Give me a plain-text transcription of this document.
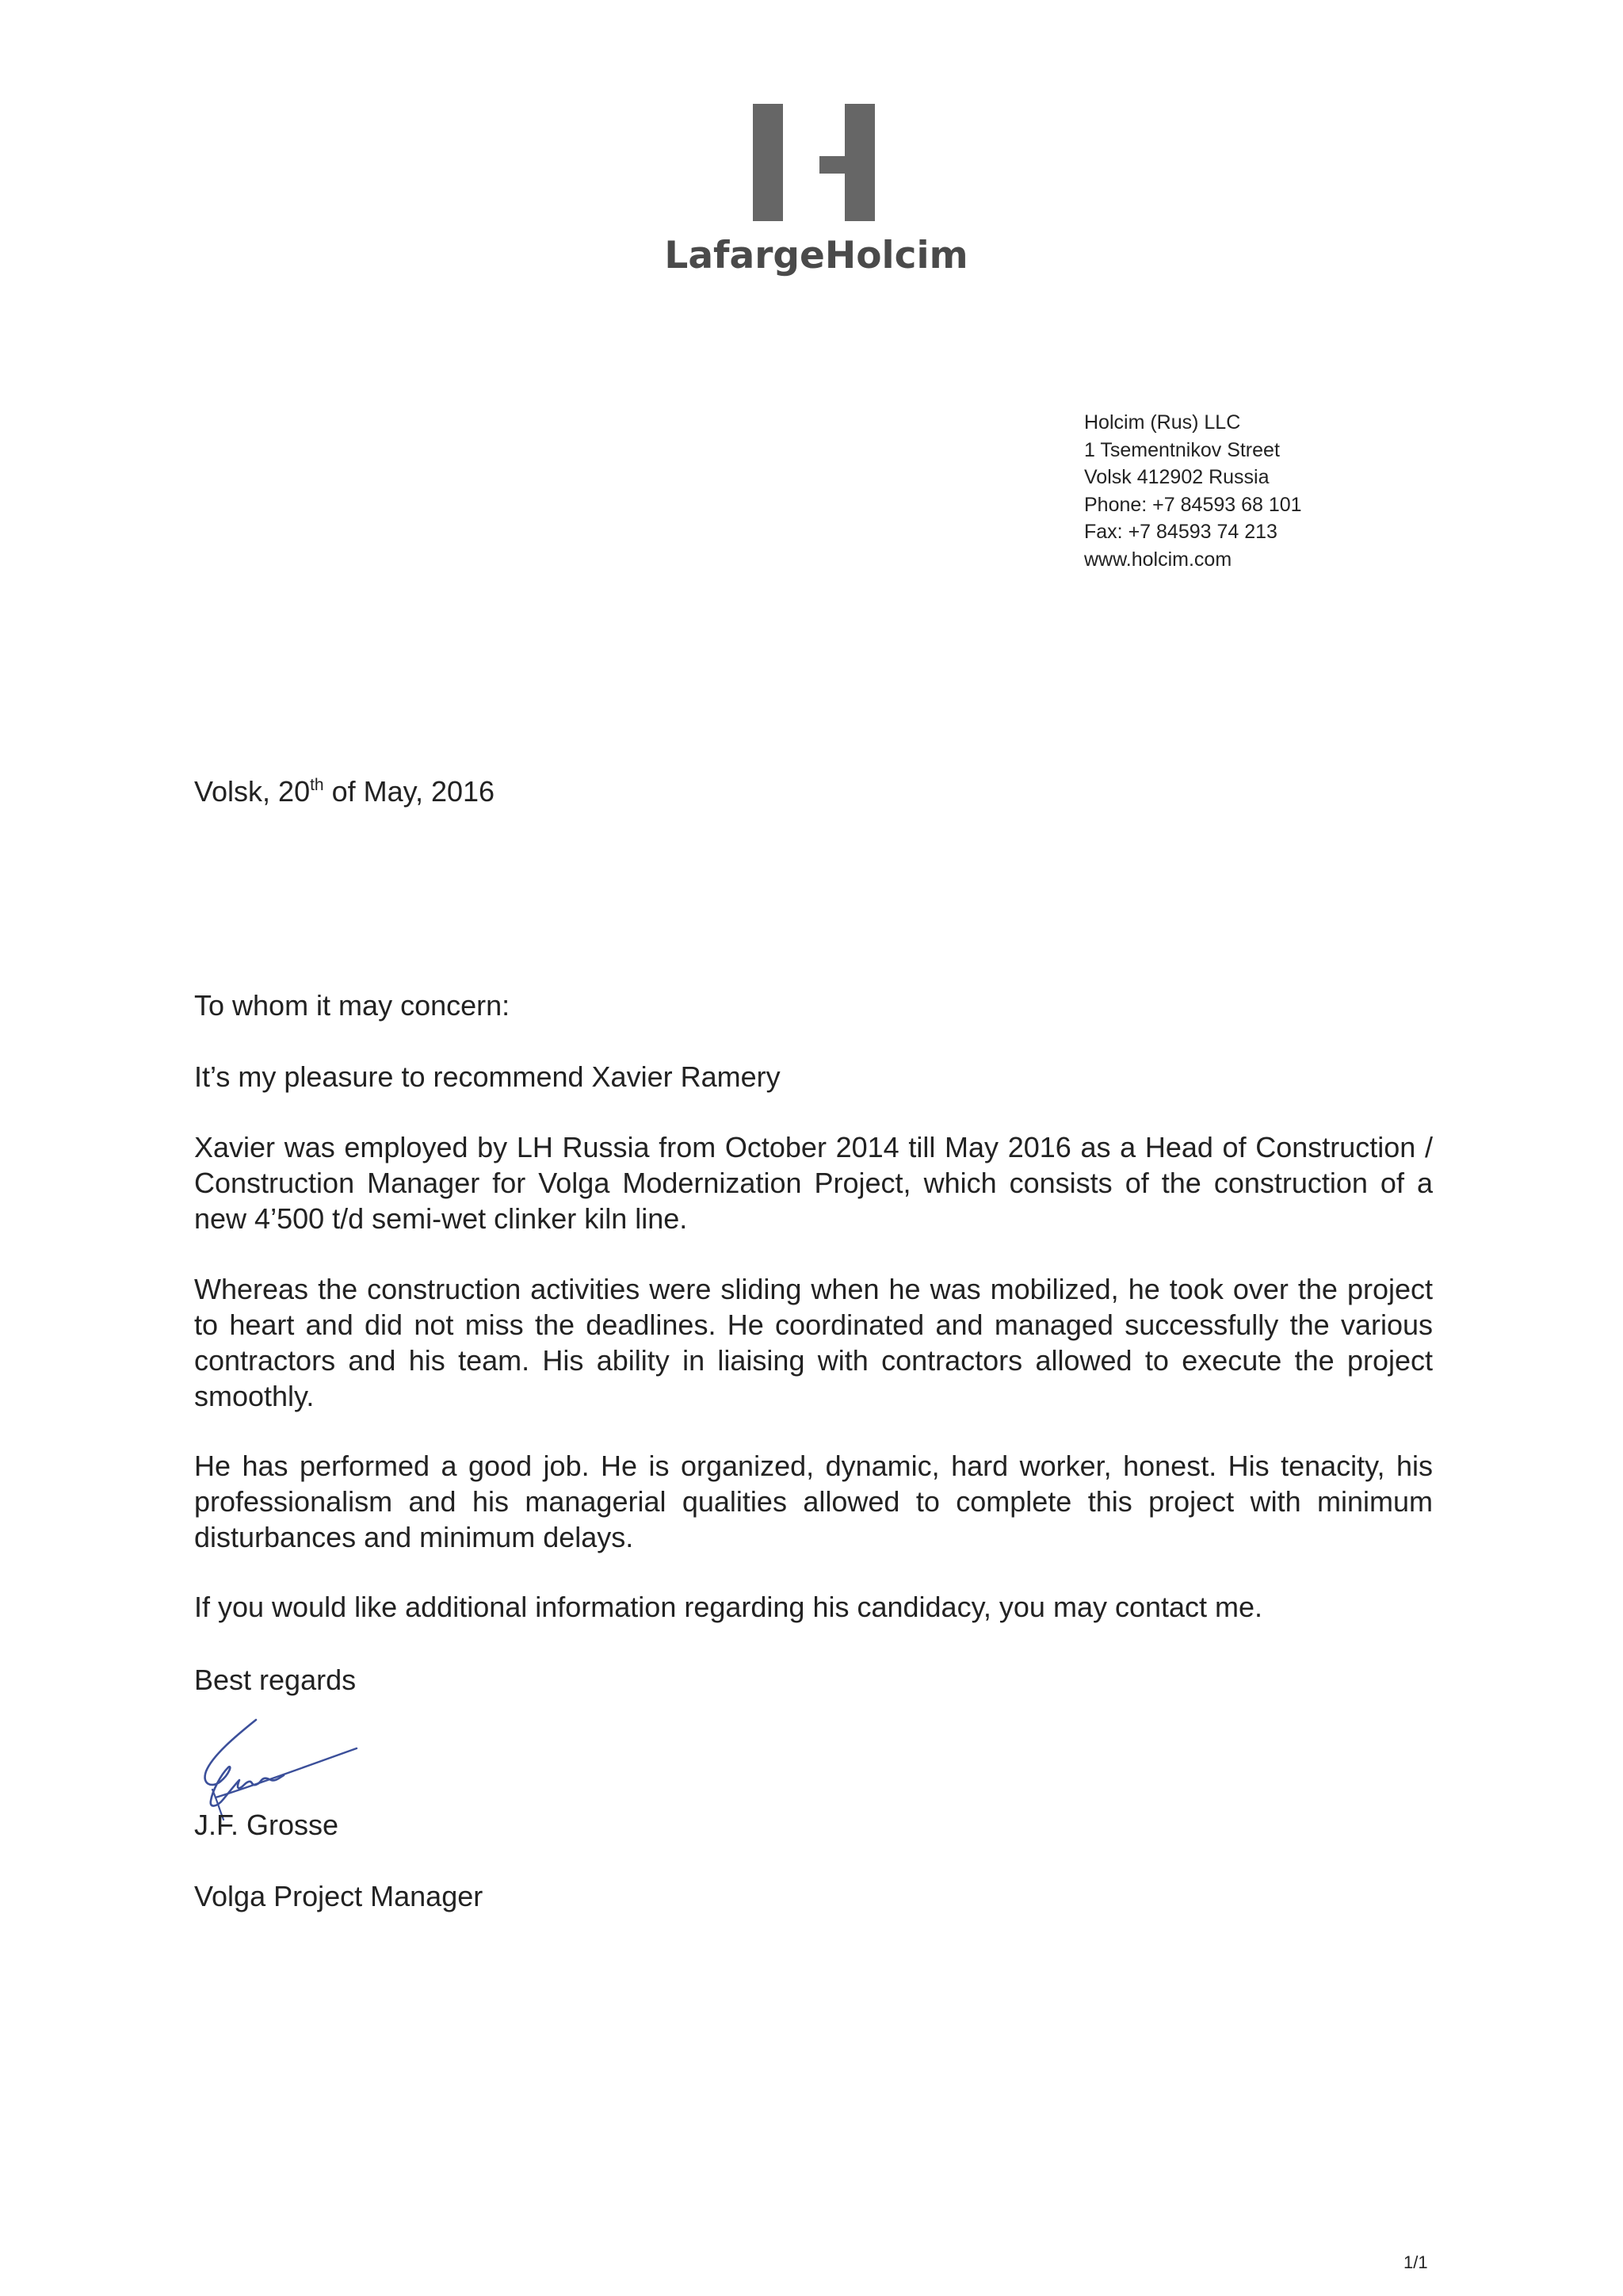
LafargeHolcim
Holcim (Rus) LLC
1 Tsementnikov Street
Volsk 412902 Russia
Phone: +7 84593 68 101
Fax: +7 84593 74 213
www.holcim.com
Volsk, 20th of May, 2016
To whom it may concern:
It’s my pleasure to recommend Xavier Ramery
Xavier was employed by LH Russia from October 2014 till May 2016 as a Head of Construction / Construction Manager for Volga Modernization Project, which consists of the construction of a new 4’500 t/d semi-wet clinker kiln line.
Whereas the construction activities were sliding when he was mobilized, he took over the project to heart and did not miss the deadlines. He coordinated and managed successfully the various contractors and his team. His ability in liaising with contractors allowed to execute the project smoothly.
He has performed a good job. He is organized, dynamic, hard worker, honest. His tenacity, his professionalism and his managerial qualities allowed to complete this project with minimum disturbances and minimum delays.
If you would like additional information regarding his candidacy, you may contact me.
Best regards
J.F. Grosse
Volga Project Manager
1/1
